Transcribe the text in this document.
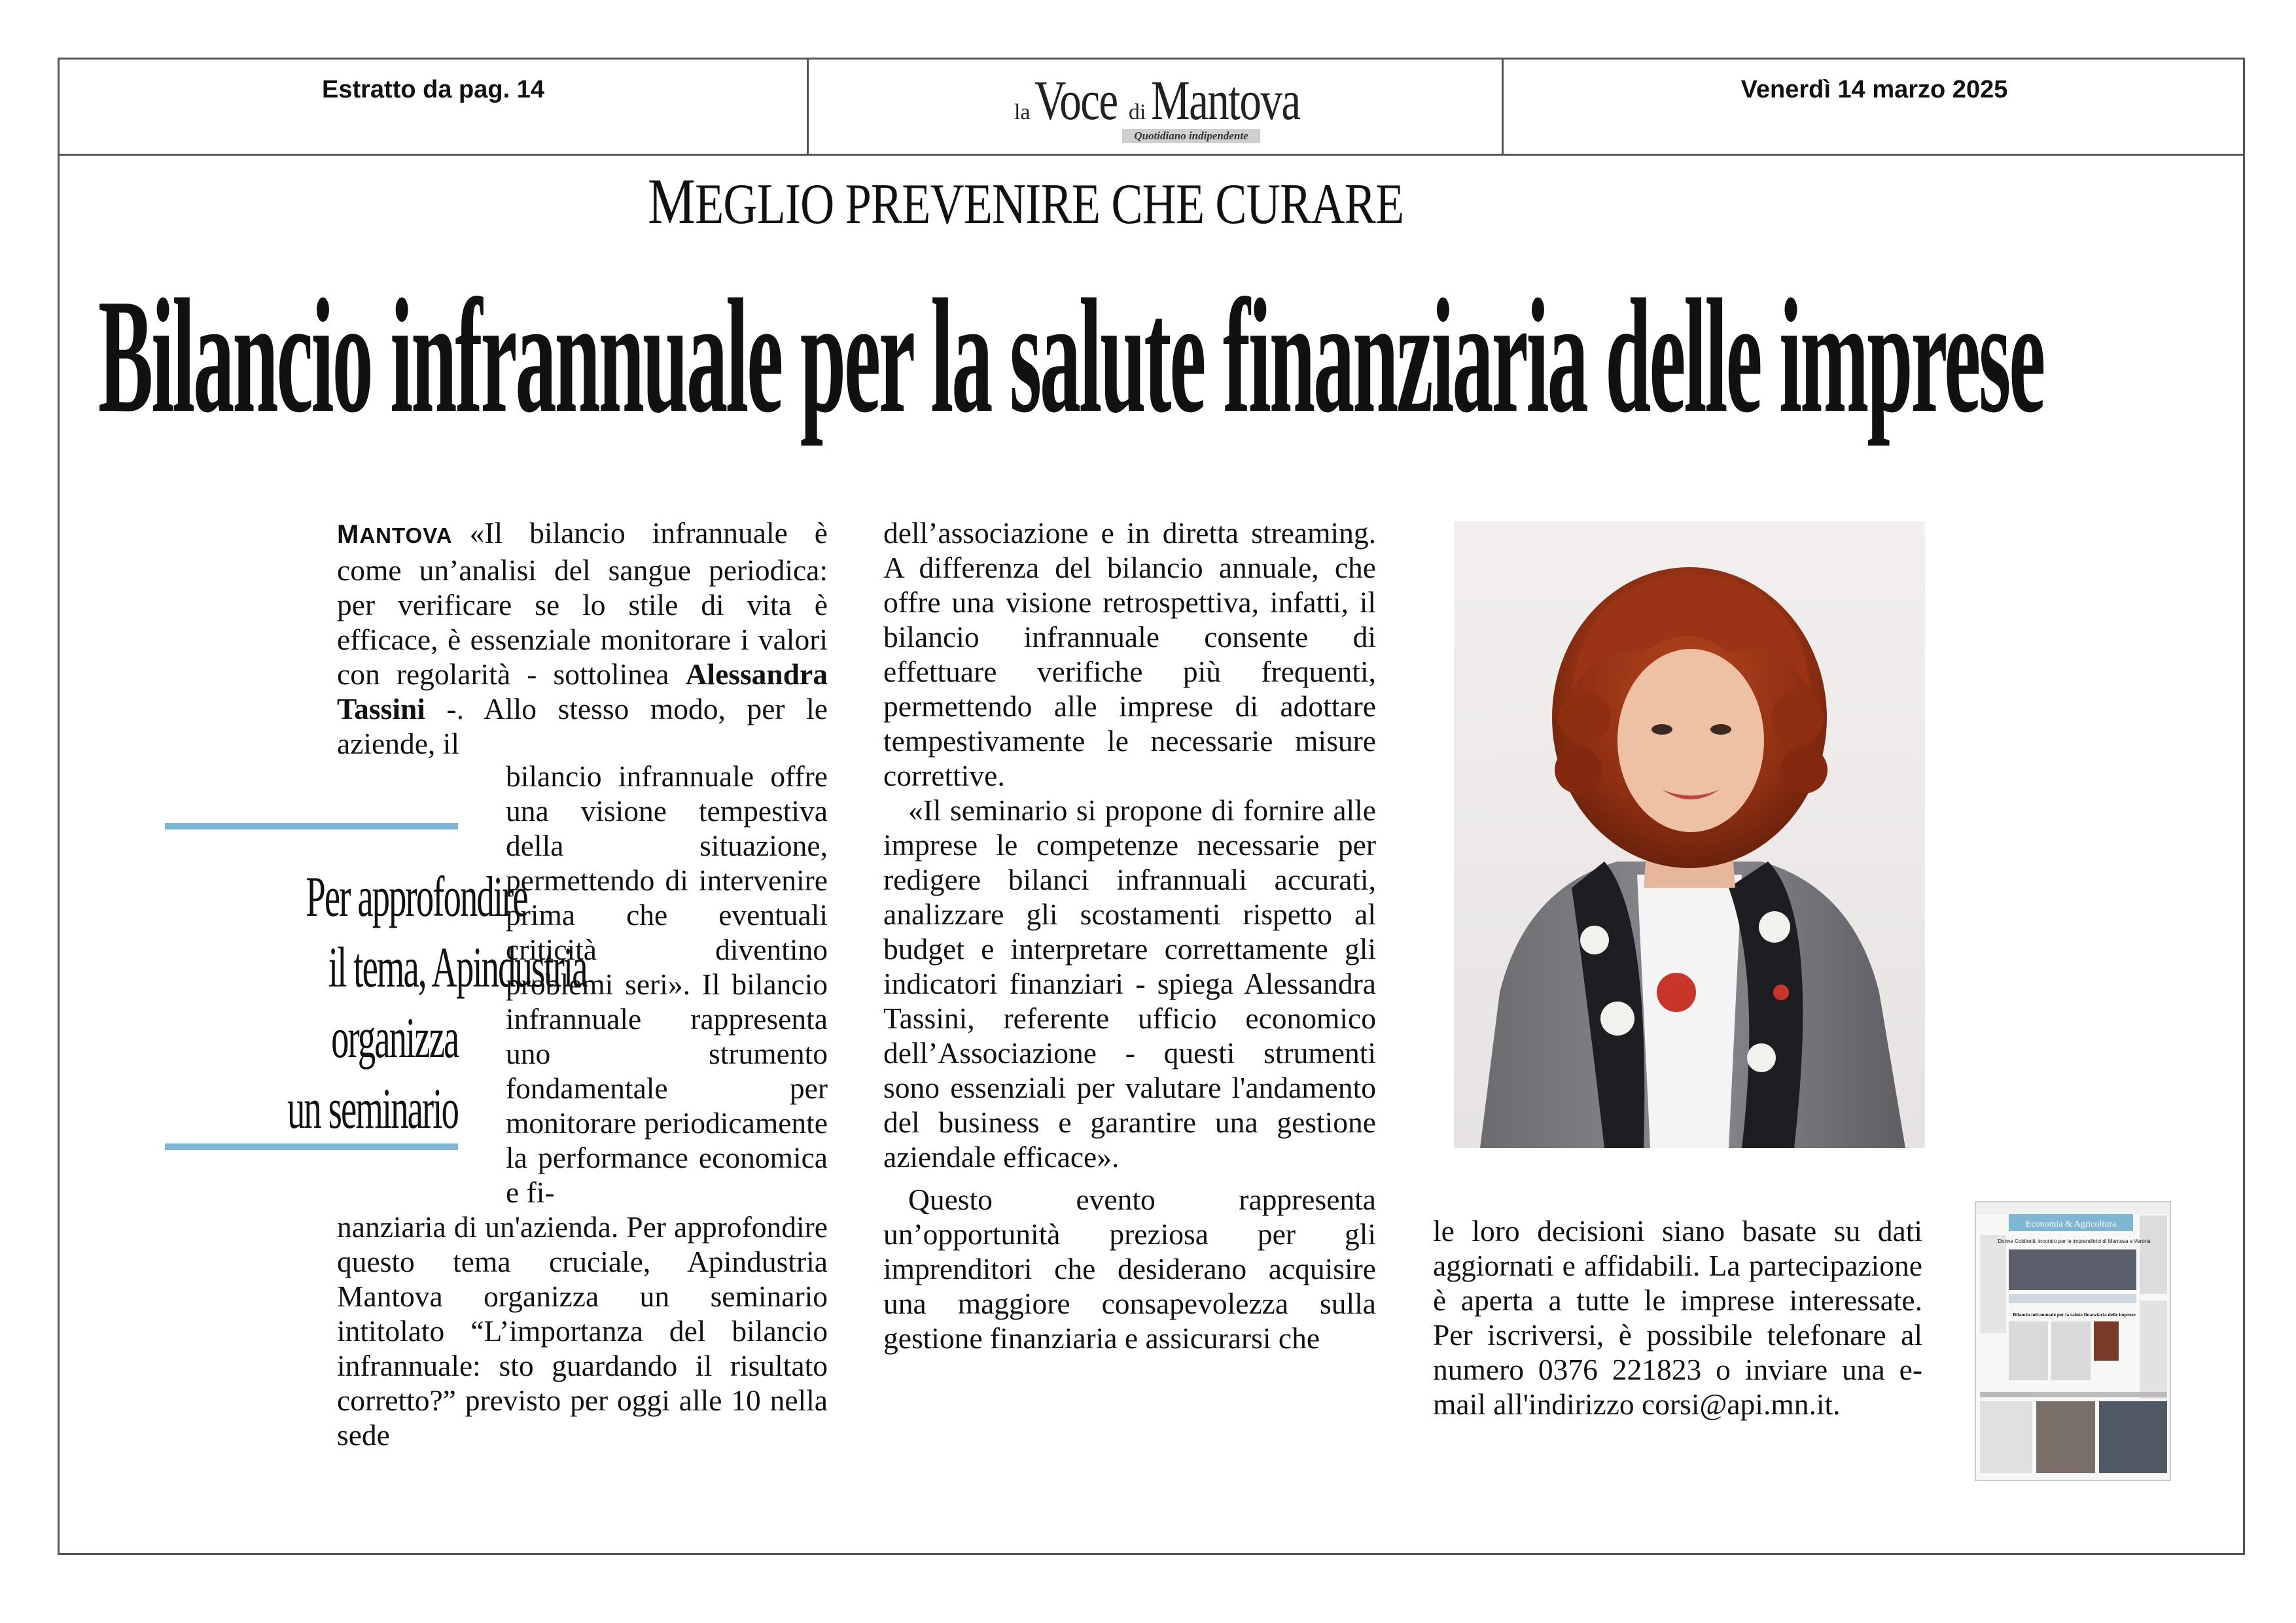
Estratto da pag. 14
la Voce di Mantova
Quotidiano indipendente
Venerdì 14 marzo 2025
MEGLIO PREVENIRE CHE CURARE
Bilancio infrannuale per la salute finanziaria delle imprese

MANTOVA «Il bilancio infrannuale è come un’analisi del sangue periodica: per verificare se lo stile di vita è efficace, è essenziale monitorare i valori con regolarità - sottolinea Alessandra Tassini -. Allo stesso modo, per le aziende, il

bilancio infrannuale offre una visione tempestiva della situazione, permettendo di intervenire prima che eventuali criticità diventino problemi seri». Il bilancio infrannuale rappresenta uno strumento fondamentale per monitorare periodicamente la performance economica e fi-

nanziaria di un'azienda. Per approfondire questo tema cruciale, Apindustria Mantova organizza un seminario intitolato “L’importanza del bilancio infrannuale: sto guardando il risultato corretto?” previsto per oggi alle 10 nella sede

Per approfondire
il tema, Apindustria
organizza
un seminario

dell’associazione e in diretta streaming. A differenza del bilancio annuale, che offre una visione retrospettiva, infatti, il bilancio infrannuale consente di effettuare verifiche più frequenti, permettendo alle imprese di adottare tempestivamente le necessarie misure correttive.

«Il seminario si propone di fornire alle imprese le competenze necessarie per redigere bilanci infrannuali accurati, analizzare gli scostamenti rispetto al budget e interpretare correttamente gli indicatori finanziari - spiega Alessandra Tassini, referente ufficio economico dell’Associazione - questi strumenti sono essenziali per valutare l'andamento del business e garantire una gestione aziendale efficace».

Questo evento rappresenta un’opportunità preziosa per gli imprenditori che desiderano acquisire una maggiore consapevolezza sulla gestione finanziaria e assicurarsi che

le loro decisioni siano basate su dati aggiornati e affidabili. La partecipazione è aperta a tutte le imprese interessate. Per iscriversi, è possibile telefonare al numero 0376 221823 o inviare una e-mail all'indirizzo corsi@api.mn.it.

Economia & Agricoltura
Donne Coldiretti, incontro per le imprenditrici di Mantova e Verona
Bilancio infrannuale per la salute finanziaria delle imprese
